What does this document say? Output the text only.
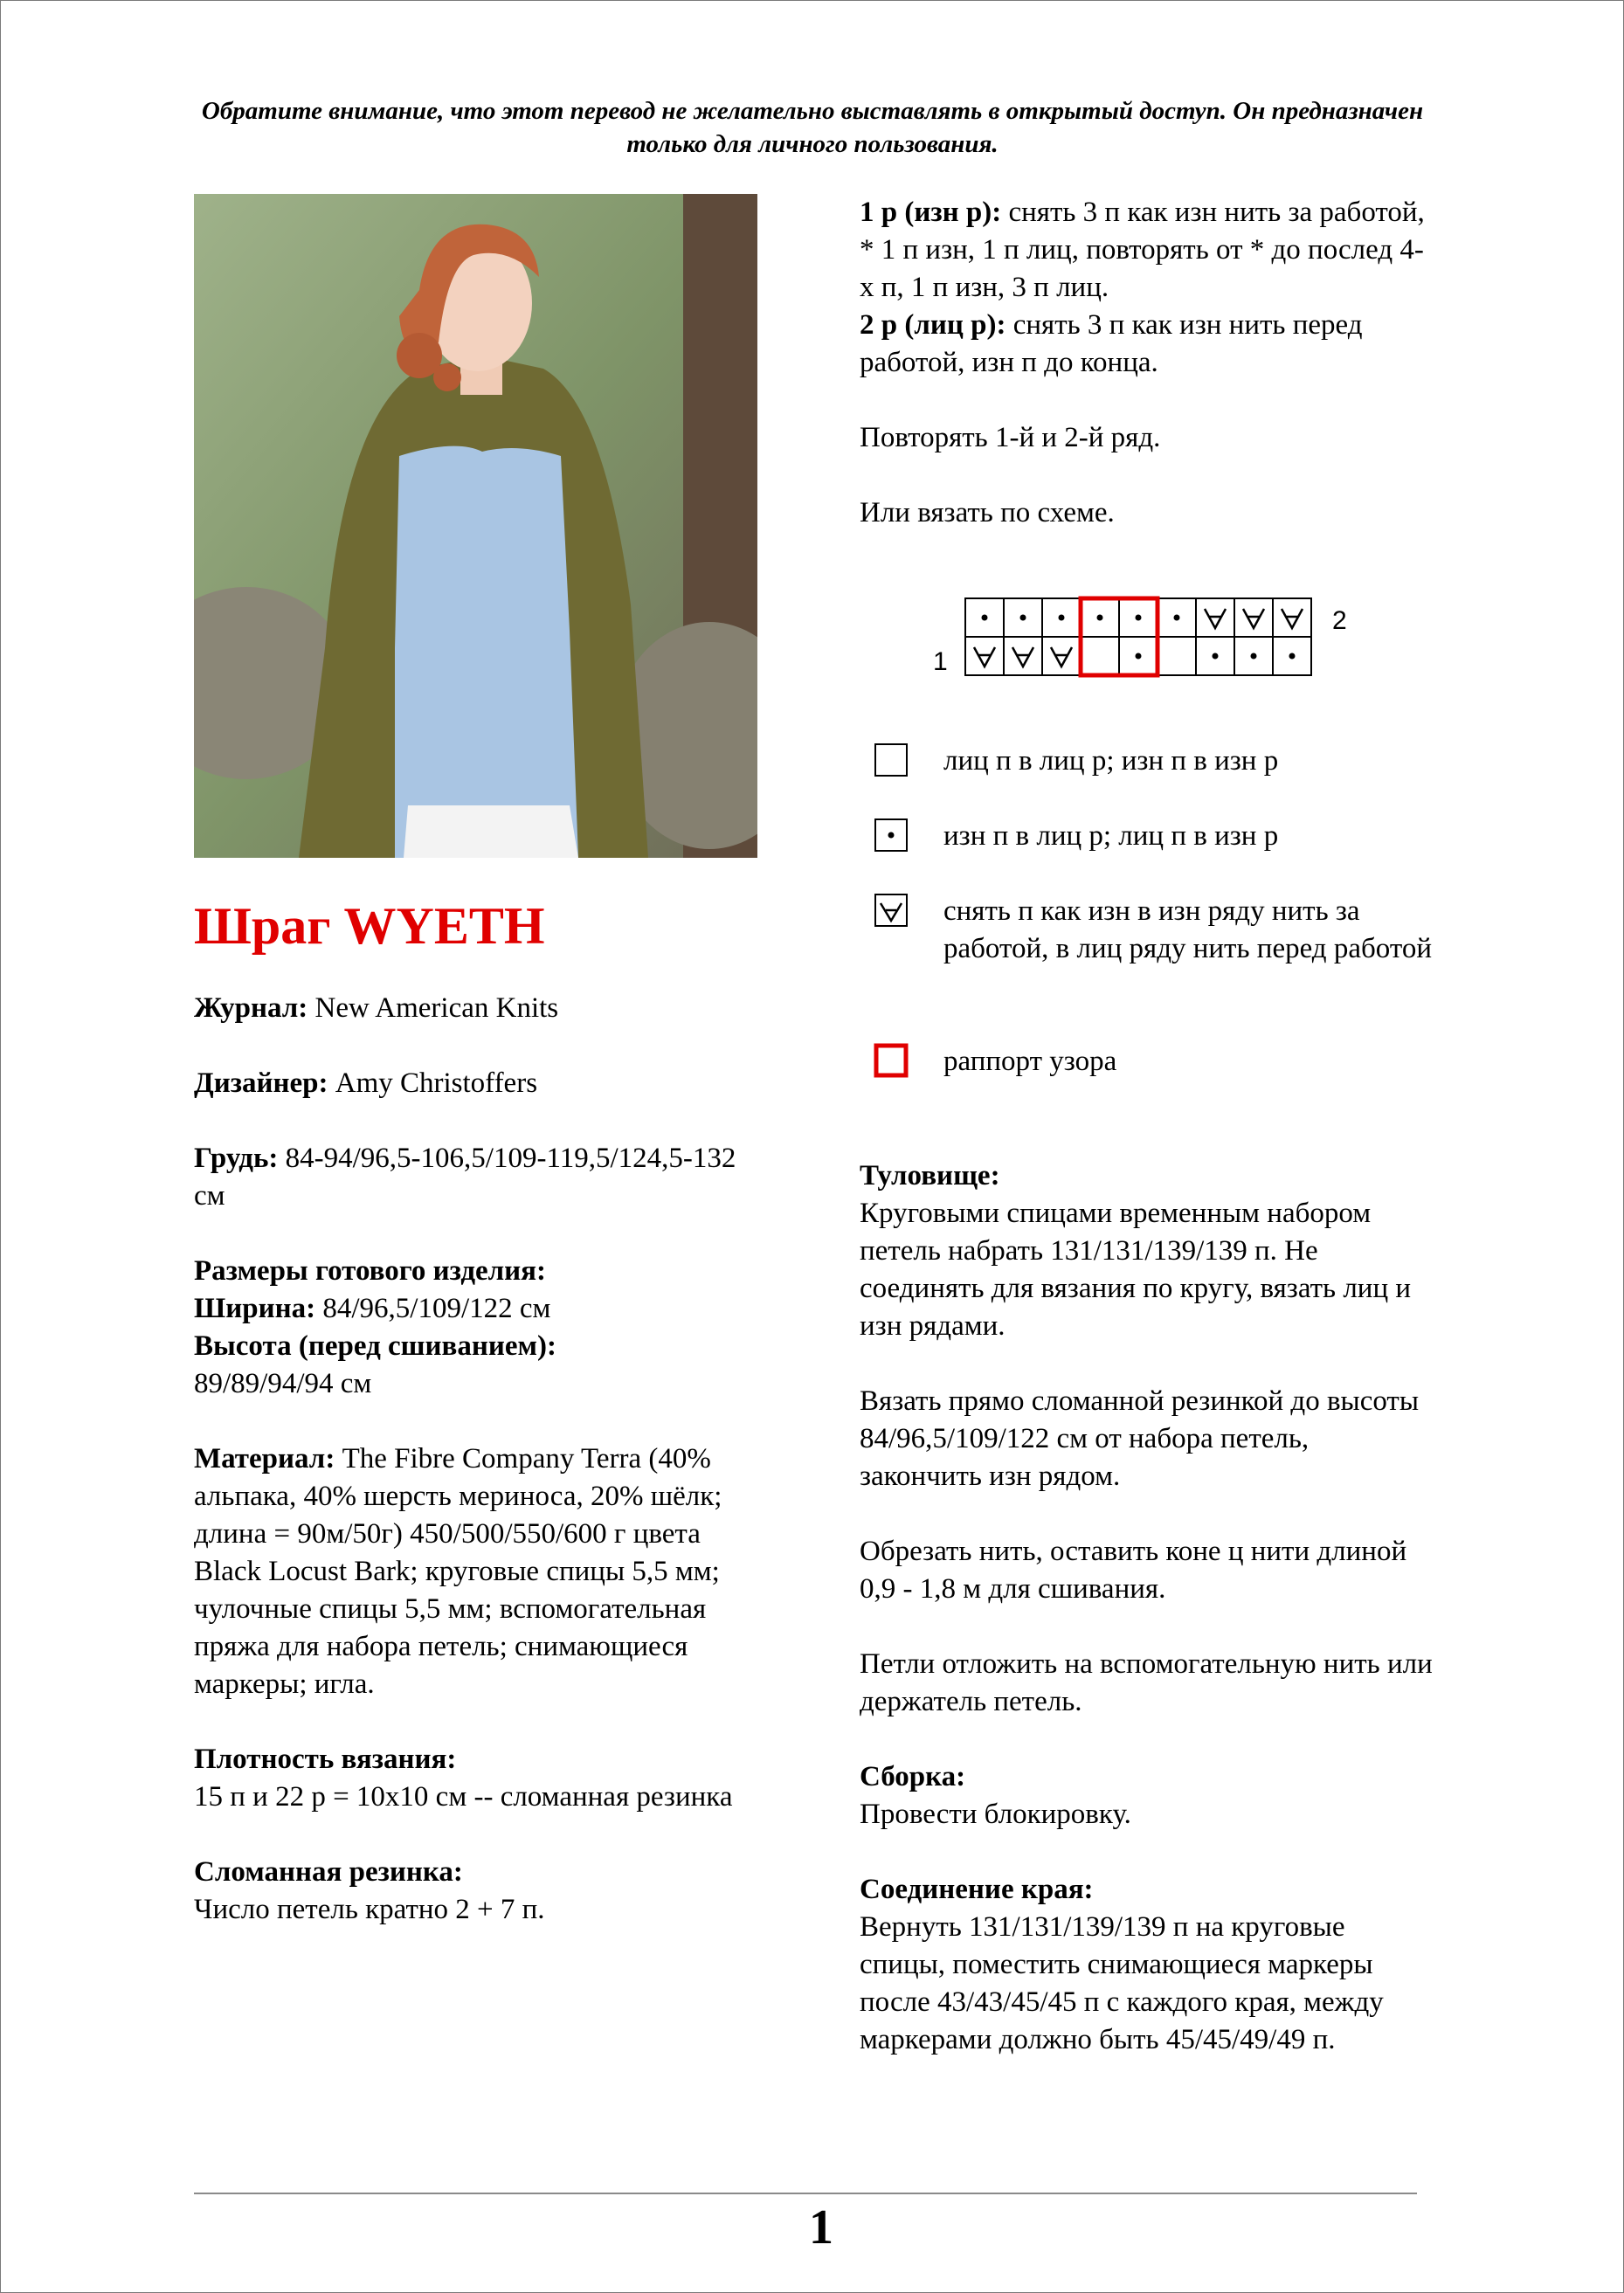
Обратите внимание, что этот перевод не желательно выставлять в открытый доступ. Он предназначен только для личного пользования.
Шраг WYETH
Журнал: New American Knits
Дизайнер: Amy Christoffers
Грудь: 84-94/96,5-106,5/109-119,5/124,5-132 см
Размеры готового изделия:
Ширина: 84/96,5/109/122 см
Высота (перед сшиванием):
89/89/94/94 см
Материал: The Fibre Company Terra (40% альпака, 40% шерсть мериноса, 20% шёлк; длина = 90м/50г) 450/500/550/600 г цвета Black Locust Bark; круговые спицы 5,5 мм; чулочные спицы 5,5 мм; вспомогательная пряжа для набора петель; снимающиеся маркеры; игла.
Плотность вязания:
15 п и 22 р = 10x10 см -- сломанная резинка
Сломанная резинка:
Число петель кратно 2 + 7 п.
1 р (изн р): снять 3 п как изн нить за работой, * 1 п изн, 1 п лиц, повторять от * до послед 4-х п, 1 п изн, 3 п лиц.
2 р (лиц р): снять 3 п как изн нить перед работой, изн п до конца.
Повторять 1-й и 2-й ряд.
Или вязать по схеме.
2
1
лиц п в лиц р; изн п в изн р
изн п в лиц р; лиц п в изн р
снять п как изн в изн ряду нить за работой, в лиц ряду нить перед работой
раппорт узора
Туловище:
Круговыми спицами временным набором петель набрать 131/131/139/139 п. Не соединять для вязания по кругу, вязать лиц и изн рядами.
Вязать прямо сломанной резинкой до высоты 84/96,5/109/122 см от набора петель, закончить изн рядом.
Обрезать нить, оставить коне ц нити длиной 0,9 - 1,8 м для сшивания.
Петли отложить на вспомогательную нить или держатель петель.
Сборка:
Провести блокировку.
Соединение края:
Вернуть 131/131/139/139 п на круговые спицы, поместить снимающиеся маркеры после 43/43/45/45 п с каждого края, между маркерами должно быть 45/45/49/49 п.
1
